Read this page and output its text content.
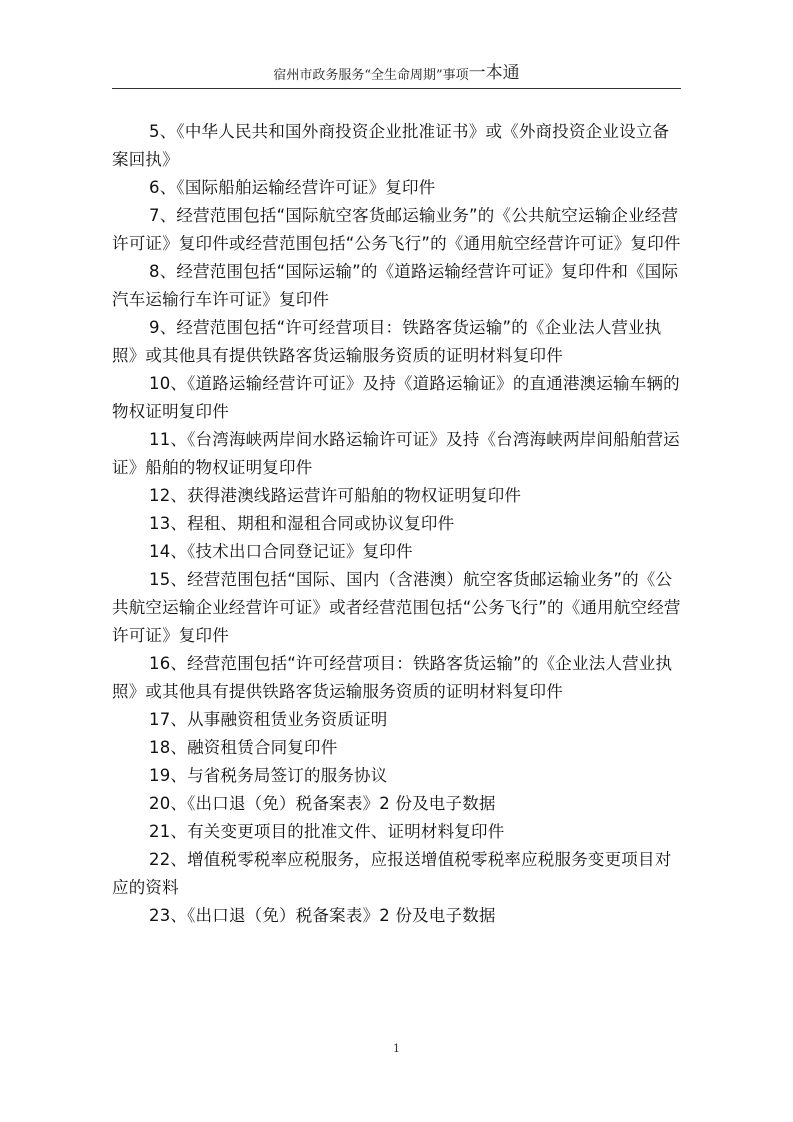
宿州市政务服务“全生命周期”事项一本通

5、《中华人民共和国外商投资企业批准证书》或《外商投资企业设立备案回执》

6、《国际船舶运输经营许可证》复印件

7、经营范围包括“国际航空客货邮运输业务”的《公共航空运输企业经营许可证》复印件或经营范围包括“公务飞行”的《通用航空经营许可证》复印件

8、经营范围包括“国际运输”的《道路运输经营许可证》复印件和《国际汽车运输行车许可证》复印件

9、经营范围包括“许可经营项目：铁路客货运输”的《企业法人营业执照》或其他具有提供铁路客货运输服务资质的证明材料复印件

10、《道路运输经营许可证》及持《道路运输证》的直通港澳运输车辆的物权证明复印件

11、《台湾海峡两岸间水路运输许可证》及持《台湾海峡两岸间船舶营运证》船舶的物权证明复印件

12、获得港澳线路运营许可船舶的物权证明复印件

13、程租、期租和湿租合同或协议复印件

14、《技术出口合同登记证》复印件

15、经营范围包括“国际、国内（含港澳）航空客货邮运输业务”的《公共航空运输企业经营许可证》或者经营范围包括“公务飞行”的《通用航空经营许可证》复印件

16、经营范围包括“许可经营项目：铁路客货运输”的《企业法人营业执照》或其他具有提供铁路客货运输服务资质的证明材料复印件

17、从事融资租赁业务资质证明

18、融资租赁合同复印件

19、与省税务局签订的服务协议

20、《出口退（免）税备案表》2 份及电子数据

21、有关变更项目的批准文件、证明材料复印件

22、增值税零税率应税服务，应报送增值税零税率应税服务变更项目对应的资料

23、《出口退（免）税备案表》2 份及电子数据

1
